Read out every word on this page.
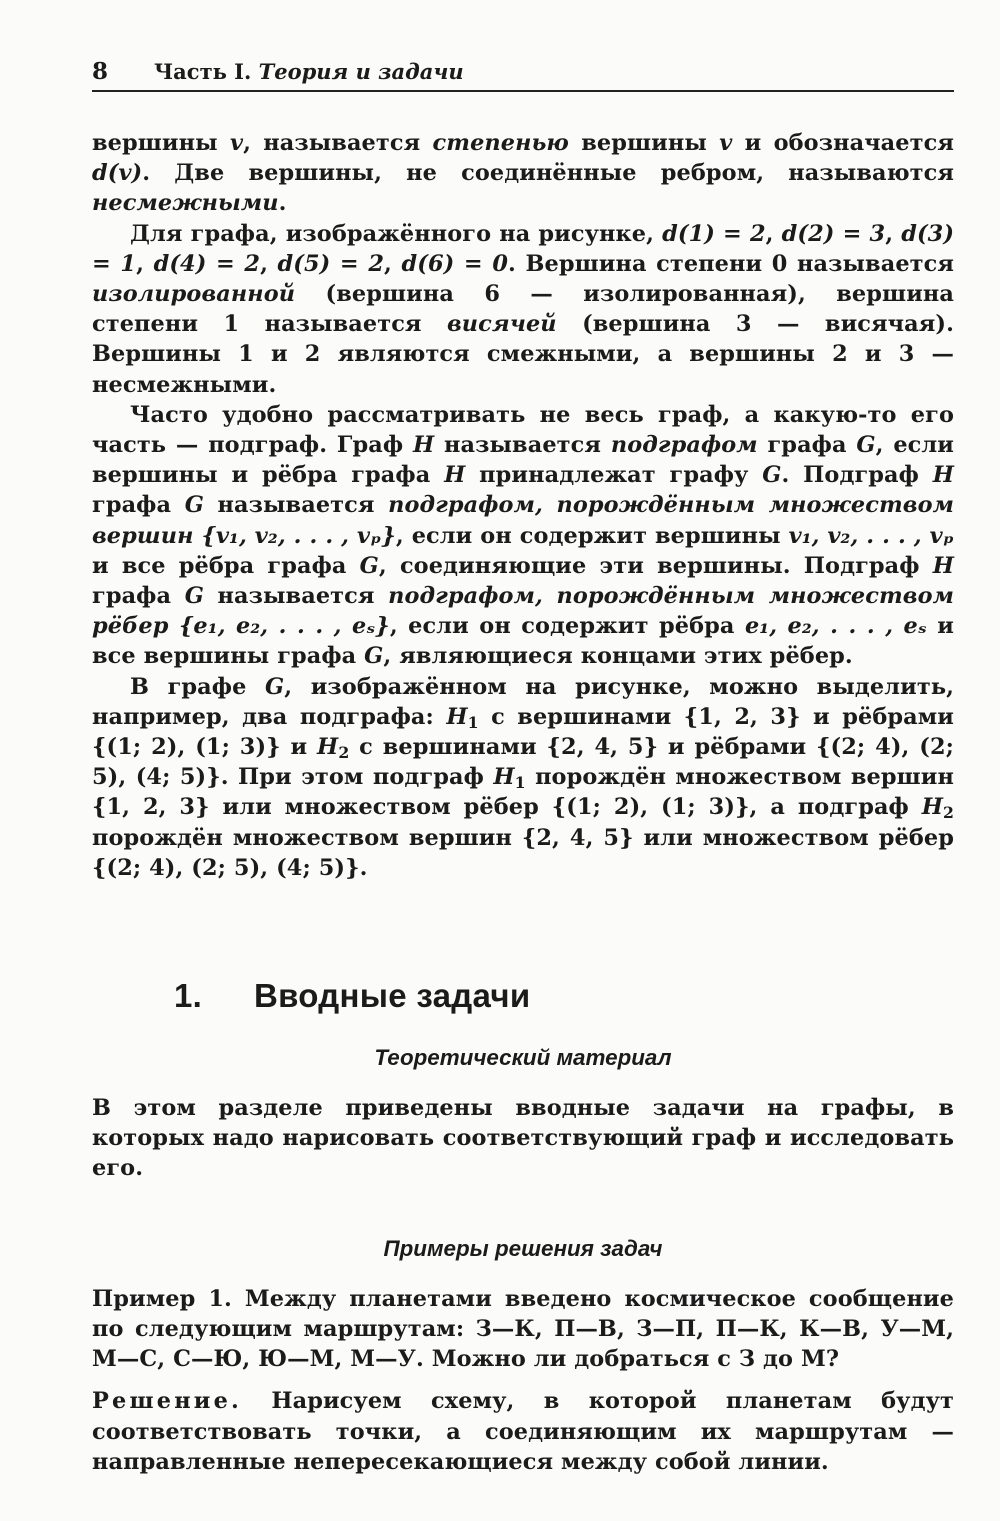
8 Часть I. Теория и задачи

вершины v, называется степенью вершины v и обозначается d(v). Две вершины, не соединённые ребром, называются несмежными.

Для графа, изображённого на рисунке, d(1) = 2, d(2) = 3, d(3) = 1, d(4) = 2, d(5) = 2, d(6) = 0. Вершина степени 0 называется изолированной (вершина 6 — изолированная), вершина степени 1 называется висячей (вершина 3 — висячая). Вершины 1 и 2 являются смежными, а вершины 2 и 3 — несмежными.

Часто удобно рассматривать не весь граф, а какую-то его часть — подграф. Граф H называется подграфом графа G, если вершины и рёбра графа H принадлежат графу G. Подграф H графа G называется подграфом, порождённым множеством вершин {v₁, v₂, . . . , vₚ}, если он содержит вершины v₁, v₂, . . . , vₚ и все рёбра графа G, соединяющие эти вершины. Подграф H графа G называется подграфом, порождённым множеством рёбер {e₁, e₂, . . . , eₛ}, если он содержит рёбра e₁, e₂, . . . , eₛ и все вершины графа G, являющиеся концами этих рёбер.

В графе G, изображённом на рисунке, можно выделить, например, два подграфа: $H_1$ с вершинами {1, 2, 3} и рёбрами {(1; 2), (1; 3)} и $H_2$ с вершинами {2, 4, 5} и рёбрами {(2; 4), (2; 5), (4; 5)}. При этом подграф $H_1$ порождён множеством вершин {1, 2, 3} или множеством рёбер {(1; 2), (1; 3)}, а подграф $H_2$ порождён множеством вершин {2, 4, 5} или множеством рёбер {(2; 4), (2; 5), (4; 5)}.

1. Вводные задачи
Теоретический материал

В этом разделе приведены вводные задачи на графы, в которых надо нарисовать соответствующий граф и исследовать его.

Примеры решения задач

Пример 1. Между планетами введено космическое сообщение по следующим маршрутам: З—К, П—В, З—П, П—К, К—В, У—М, М—С, С—Ю, Ю—М, М—У. Можно ли добраться с З до М?

Решение. Нарисуем схему, в которой планетам будут соответствовать точки, а соединяющим их маршрутам — направленные непересекающиеся между собой линии.
